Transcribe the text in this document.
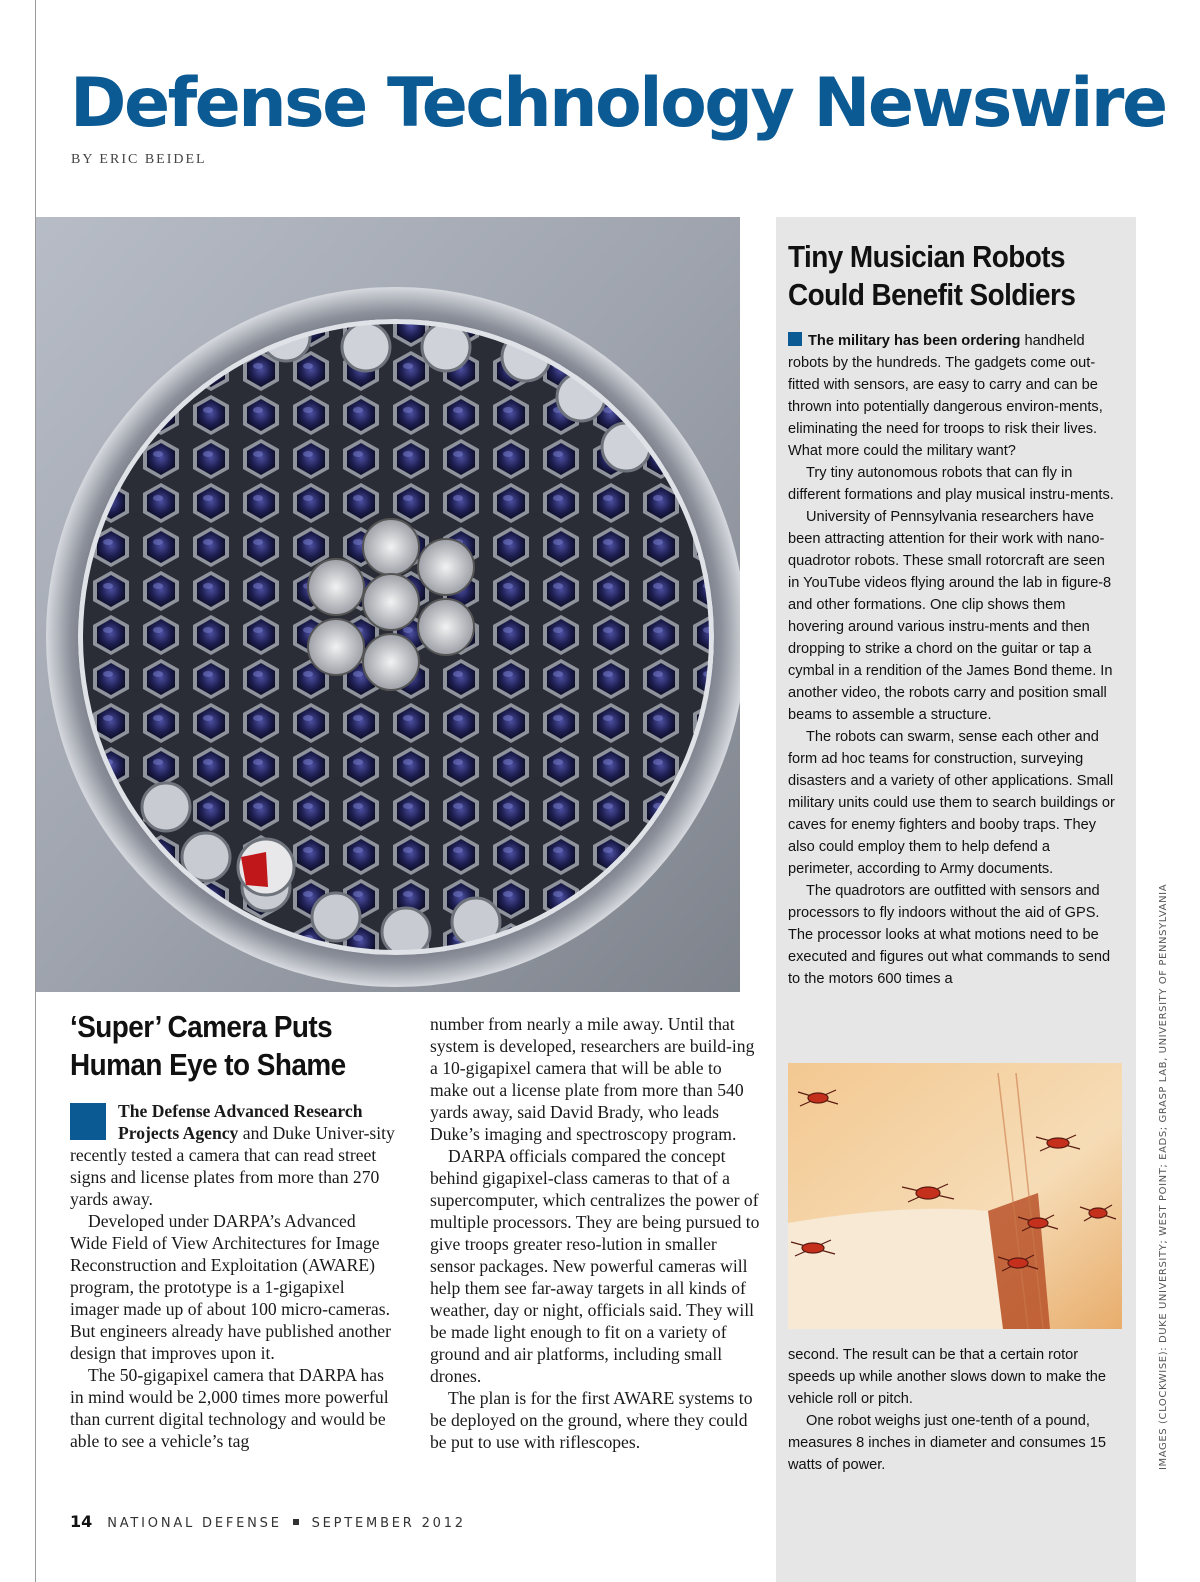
Defense Technology Newswire
BY ERIC BEIDEL
Tiny Musician Robots
Could Benefit Soldiers

The military has been ordering handheld robots by the hundreds. The gadgets come out-fitted with sensors, are easy to carry and can be thrown into potentially dangerous environ-ments, eliminating the need for troops to risk their lives. What more could the military want?

Try tiny autonomous robots that can fly in different formations and play musical instru-ments.

University of Pennsylvania researchers have been attracting attention for their work with nano-quadrotor robots. These small rotorcraft are seen in YouTube videos flying around the lab in figure-8 and other formations. One clip shows them hovering around various instru-ments and then dropping to strike a chord on the guitar or tap a cymbal in a rendition of the James Bond theme. In another video, the robots carry and position small beams to assemble a structure.

The robots can swarm, sense each other and form ad hoc teams for construction, surveying disasters and a variety of other applications. Small military units could use them to search buildings or caves for enemy fighters and booby traps. They also could employ them to help defend a perimeter, according to Army documents.

The quadrotors are outfitted with sensors and processors to fly indoors without the aid of GPS. The processor looks at what motions need to be executed and figures out what commands to send to the motors 600 times a

second. The result can be that a certain rotor speeds up while another slows down to make the vehicle roll or pitch.

One robot weighs just one-tenth of a pound, measures 8 inches in diameter and consumes 15 watts of power.

‘Super’ Camera Puts
Human Eye to Shame

The Defense Advanced Research Projects Agency and Duke Univer-sity recently tested a camera that can read street signs and license plates from more than 270 yards away.

Developed under DARPA’s Advanced Wide Field of View Architectures for Image Reconstruction and Exploitation (AWARE) program, the prototype is a 1-gigapixel imager made up of about 100 micro-cameras. But engineers already have published another design that improves upon it.

The 50-gigapixel camera that DARPA has in mind would be 2,000 times more powerful than current digital technology and would be able to see a vehicle’s tag

number from nearly a mile away. Until that system is developed, researchers are build-ing a 10-gigapixel camera that will be able to make out a license plate from more than 540 yards away, said David Brady, who leads Duke’s imaging and spectroscopy program.

DARPA officials compared the concept behind gigapixel-class cameras to that of a supercomputer, which centralizes the power of multiple processors. They are being pursued to give troops greater reso-lution in smaller sensor packages. New powerful cameras will help them see far-away targets in all kinds of weather, day or night, officials said. They will be made light enough to fit on a variety of ground and air platforms, including small drones.

The plan is for the first AWARE systems to be deployed on the ground, where they could be put to use with riflescopes.

14 NATIONAL DEFENSE SEPTEMBER 2012
IMAGES (CLOCKWISE): DUKE UNIVERSITY; WEST POINT; EADS; GRASP LAB, UNIVERSITY OF PENNSYLVANIA
